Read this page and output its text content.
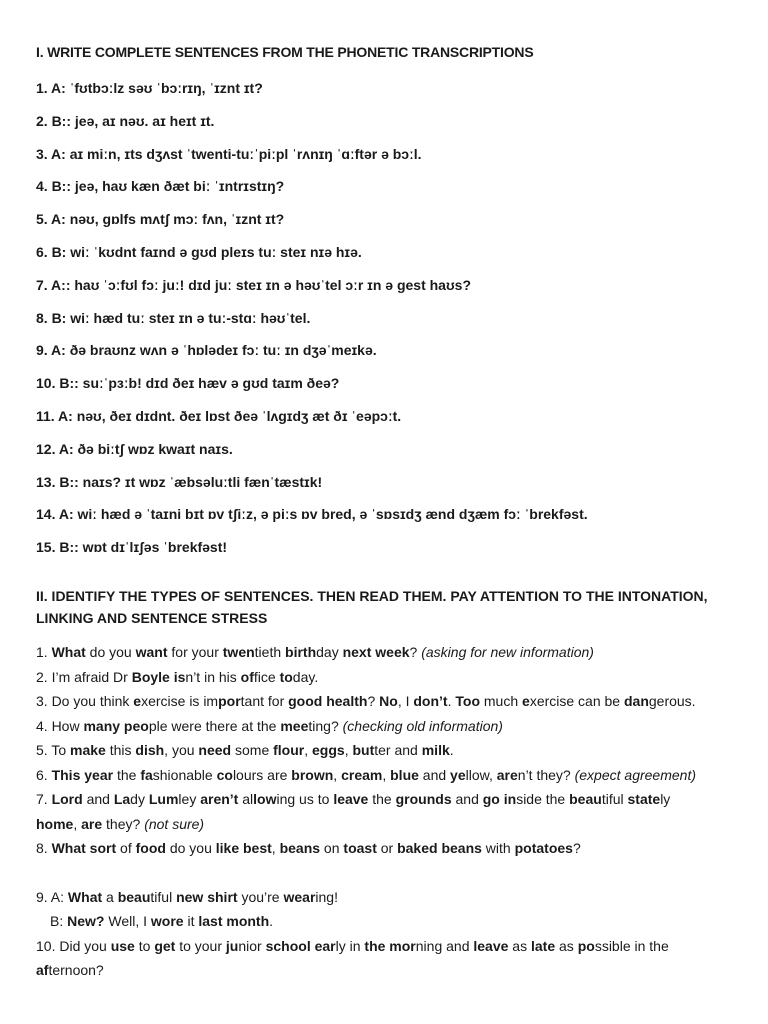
I. WRITE COMPLETE SENTENCES FROM THE PHONETIC TRANSCRIPTIONS
1. A: ˈfʊtbɔːlz səʊ ˈbɔːrɪŋ, ˈɪznt ɪt?
2. B:: jeə, aɪ nəʊ. aɪ heɪt ɪt.
3. A: aɪ miːn, ɪts dʒʌst ˈtwenti-tuːˈpiːpl ˈrʌnɪŋ ˈɑːftər ə bɔːl.
4. B:: jeə, haʊ kæn ðæt biː ˈɪntrɪstɪŋ?
5. A: nəʊ, gɒlfs mʌtʃ mɔː fʌn, ˈɪznt ɪt?
6. B: wiː ˈkʊdnt faɪnd ə gʊd pleɪs tuː steɪ nɪə hɪə.
7. A:: haʊ ˈɔːfʊl fɔː juː! dɪd juː steɪ ɪn ə həʊˈtel ɔːr ɪn ə gest haʊs?
8. B: wiː hæd tuː steɪ ɪn ə tuː-stɑː həʊˈtel.
9. A: ðə braʊnz wʌn ə ˈhɒlədeɪ fɔː tuː ɪn dʒəˈmeɪkə.
10. B:: suːˈpɜːb! dɪd ðeɪ hæv ə gʊd taɪm ðeə?
11. A: nəʊ, ðeɪ dɪdnt. ðeɪ lɒst ðeə ˈlʌgɪdʒ æt ðɪ ˈeəpɔːt.
12. A: ðə biːtʃ wɒz kwaɪt naɪs.
13. B:: naɪs? ɪt wɒz ˈæbsəluːtli fænˈtæstɪk!
14. A: wiː hæd ə ˈtaɪni bɪt ɒv tʃiːz, ə piːs ɒv bred, ə ˈsɒsɪdʒ ænd dʒæm fɔː ˈbrekfəst.
15. B:: wɒt dɪˈlɪʃəs ˈbrekfəst!
II. IDENTIFY THE TYPES OF SENTENCES. THEN READ THEM. PAY ATTENTION TO THE INTONATION, LINKING AND SENTENCE STRESS
1. What do you want for your twentieth birthday next week? (asking for new information)
2. I’m afraid Dr Boyle isn’t in his office today.
3. Do you think exercise is important for good health? No, I don’t. Too much exercise can be dangerous.
4. How many people were there at the meeting? (checking old information)
5. To make this dish, you need some flour, eggs, butter and milk.
6. This year the fashionable colours are brown, cream, blue and yellow, aren’t they? (expect agreement)
7. Lord and Lady Lumley aren’t allowing us to leave the grounds and go inside the beautiful stately
home, are they? (not sure)
8. What sort of food do you like best, beans on toast or baked beans with potatoes?
9. A: What a beautiful new shirt you’re wearing!
B: New? Well, I wore it last month.
10. Did you use to get to your junior school early in the morning and leave as late as possible in the
afternoon?
